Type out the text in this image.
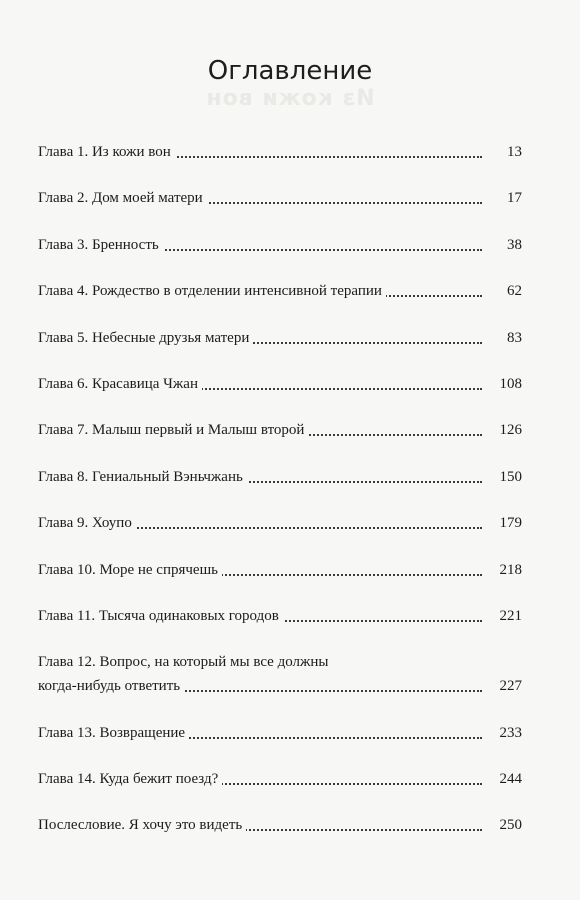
Из кожи вон
Оглавление
Глава 1. Из кожи вон	13
Глава 2. Дом моей матери	17
Глава 3. Бренность	38
Глава 4. Рождество в отделении интенсивной терапии	62
Глава 5. Небесные друзья матери	83
Глава 6. Красавица Чжан	108
Глава 7. Малыш первый и Малыш второй	126
Глава 8. Гениальный Вэньчжань	150
Глава 9. Хоупо	179
Глава 10. Море не спрячешь	218
Глава 11. Тысяча одинаковых городов	221
Глава 12. Вопрос, на который мы все должны
когда-нибудь ответить	227
Глава 13. Возвращение	233
Глава 14. Куда бежит поезд?	244
Послесловие. Я хочу это видеть	250
